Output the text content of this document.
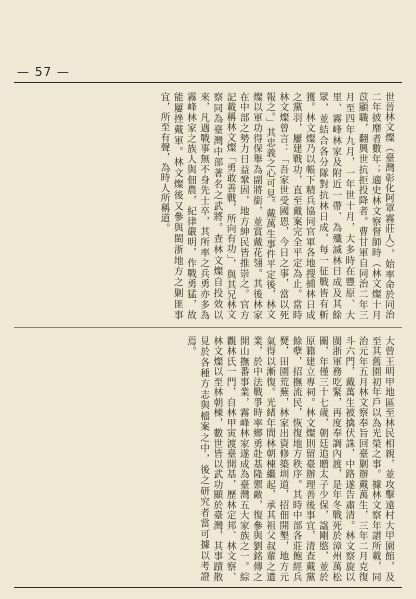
— 57 —

世晉林文燦（臺灣彰化阿罩霧莊人），始率命於同治二年披靡者數年；適史林文察督師時（林文燦十月苡顯職，翻興世抗拒投降者。曹甘軍自同治二年三月至四年九月，一年世十月，大多時在豐原、大里、霧峰林家及附近一帶、為殲滅林日成及其餘眾，並結合各分隊對抗林日成，每一征戰皆有斬獲。林文燦乃以帳下精兵協同官軍各地搜捕林日成之黨羽，屢建戰功，直至戴案完全平定為止。當時林文燦曾言：「吾家世受國恩，今日之事，當以死報之。」其忠義之心可見。戴萬生事件平定後，林文燦以軍功得保舉為副將銜，並賞戴花翎。其後林家在中部之勢力日益鞏固，地方紳民皆推崇之。官方記載稱林文燦「勇敢善戰，所向有功」，與其兄林文察同為臺灣中部著名之武將。查林文燦自投效以來，凡遇戰事無不身先士卒，其所率之兵勇亦多為霧峰林家之族人與佃農，紀律嚴明，作戰勇猛，故能屢挫戴軍。林文燦後又參與閩浙地方之剿匪事宜，所至有聲，為時人所稱道。

大曾王明甲地區至林民相親，並攻擊遠村大甲園館，及至其舊園初年戶以為光榮之事。據林文察年譜所載，同治元年五月林文察奉旨回臺剿辦戴萬生，三年二月克復斗六門，戴萬生被擒伏誅，中路遂告肅清。林文察旋以閩浙軍務吃緊，再度奉調內渡，是年冬戰死於漳州萬松關，年僅三十七歲，朝廷追贈太子少保，諡剛愍，並於原籍建立專祠。林文燦則留臺辦理善後事宜，清查戴黨餘孽，招撫流民，恢復地方秩序。其時中部各莊飽經兵燹，田園荒蕪，林家出資修築圳道，招佃開墾，地方元氣得以漸復。光緒年間林朝棟繼起，承其祖父叔輩之遺業，於中法戰爭時率鄉勇赴基隆禦敵，復參與劉銘傳之開山撫番事業，霧峰林家遂成為臺灣五大家族之一。綜觀林氏一門，自林甲寅渡臺開基，歷林定邦、林文察、林文燦以至林朝棟，數世皆以武功顯於臺灣，其事蹟散見於各種方志與檔案之中，後之研究者當可據以考證焉。
